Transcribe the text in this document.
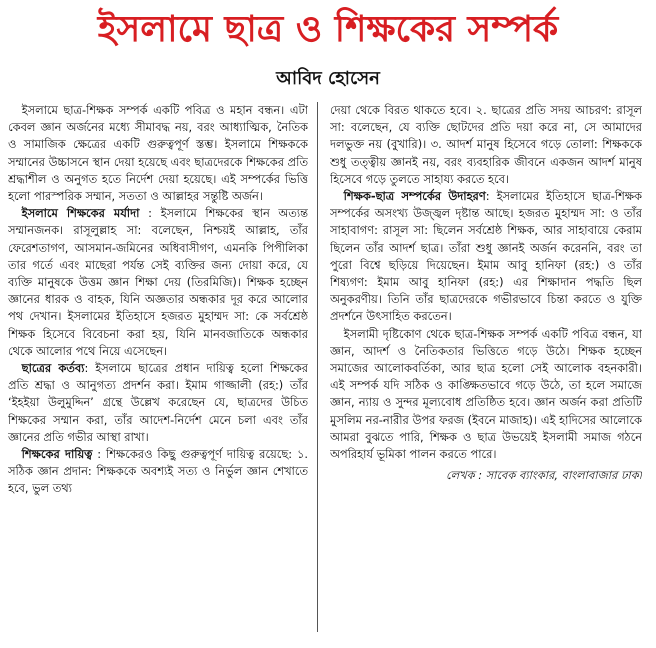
ইসলামে ছাত্র ও শিক্ষকের সম্পর্ক
আবিদ হোসেন

ইসলামে ছাত্র-শিক্ষক সম্পর্ক একটি পবিত্র ও মহান বন্ধন। এটা কেবল জ্ঞান অর্জনের মধ্যে সীমাবদ্ধ নয়, বরং আধ্যাত্মিক, নৈতিক ও সামাজিক ক্ষেত্রের একটি গুরুত্বপূর্ণ স্তম্ভ। ইসলামে শিক্ষককে সম্মানের উচ্চাসনে স্থান দেয়া হয়েছে এবং ছাত্রদেরকে শিক্ষকের প্রতি শ্রদ্ধাশীল ও অনুগত হতে নির্দেশ দেয়া হয়েছে। এই সম্পর্কের ভিত্তি হলো পারস্পরিক সম্মান, সততা ও আল্লাহর সন্তুষ্টি অর্জন।

ইসলামে শিক্ষকের মর্যাদা : ইসলামে শিক্ষকের স্থান অত্যন্ত সম্মানজনক। রাসূলুল্লাহ সা: বলেছেন, নিশ্চয়ই আল্লাহ, তাঁর ফেরেশতাগণ, আসমান-জমিনের অধিবাসীগণ, এমনকি পিপীলিকা তার গর্তে এবং মাছেরা পর্যন্ত সেই ব্যক্তির জন্য দোয়া করে, যে ব্যক্তি মানুষকে উত্তম জ্ঞান শিক্ষা দেয় (তিরমিজি)। শিক্ষক হচ্ছেন জ্ঞানের ধারক ও বাহক, যিনি অজ্ঞতার অন্ধকার দূর করে আলোর পথ দেখান। ইসলামের ইতিহাসে হজরত মুহাম্মদ সা: কে সর্বশ্রেষ্ঠ শিক্ষক হিসেবে বিবেচনা করা হয়, যিনি মানবজাতিকে অন্ধকার থেকে আলোর পথে নিয়ে এসেছেন।

ছাত্রের কর্তব্য: ইসলামে ছাত্রের প্রধান দায়িত্ব হলো শিক্ষকের প্রতি শ্রদ্ধা ও আনুগত্য প্রদর্শন করা। ইমাম গাজ্জালী (রহ:) তাঁর ‘ইহইয়া উলুমুদ্দিন’ গ্রন্থে উল্লেখ করেছেন যে, ছাত্রদের উচিত শিক্ষকের সম্মান করা, তাঁর আদেশ-নির্দেশ মেনে চলা এবং তাঁর জ্ঞানের প্রতি গভীর আস্থা রাখা।

শিক্ষকের দায়িত্ব : শিক্ষকেরও কিছু গুরুত্বপূর্ণ দায়িত্ব রয়েছে: ১. সঠিক জ্ঞান প্রদান: শিক্ষককে অবশ্যই সত্য ও নির্ভুল জ্ঞান শেখাতে হবে, ভুল তথ্য

দেয়া থেকে বিরত থাকতে হবে। ২. ছাত্রের প্রতি সদয় আচরণ: রাসূল সা: বলেছেন, যে ব্যক্তি ছোটদের প্রতি দয়া করে না, সে আমাদের দলভুক্ত নয় (বুখারি)। ৩. আদর্শ মানুষ হিসেবে গড়ে তোলা: শিক্ষককে শুধু তত্ত্বীয় জ্ঞানই নয়, বরং ব্যবহারিক জীবনে একজন আদর্শ মানুষ হিসেবে গড়ে তুলতে সাহায্য করতে হবে।

শিক্ষক-ছাত্র সম্পর্কের উদাহরণ: ইসলামের ইতিহাসে ছাত্র-শিক্ষক সম্পর্কের অসংখ্য উজ্জ্বল দৃষ্টান্ত আছে। হজরত মুহাম্মদ সা: ও তাঁর সাহাবাগণ: রাসূল সা: ছিলেন সর্বশ্রেষ্ঠ শিক্ষক, আর সাহাবায়ে কেরাম ছিলেন তাঁর আদর্শ ছাত্র। তাঁরা শুধু জ্ঞানই অর্জন করেননি, বরং তা পুরো বিশ্বে ছড়িয়ে দিয়েছেন। ইমাম আবু হানিফা (রহ:) ও তাঁর শিষ্যগণ: ইমাম আবু হানিফা (রহ:) এর শিক্ষাদান পদ্ধতি ছিল অনুকরণীয়। তিনি তাঁর ছাত্রদেরকে গভীরভাবে চিন্তা করতে ও যুক্তি প্রদর্শনে উৎসাহিত করতেন।

ইসলামী দৃষ্টিকোণ থেকে ছাত্র-শিক্ষক সম্পর্ক একটি পবিত্র বন্ধন, যা জ্ঞান, আদর্শ ও নৈতিকতার ভিত্তিতে গড়ে উঠে। শিক্ষক হচ্ছেন সমাজের আলোকবর্তিকা, আর ছাত্র হলো সেই আলোক বহনকারী। এই সম্পর্ক যদি সঠিক ও কাঙ্ক্ষিতভাবে গড়ে উঠে, তা হলে সমাজে জ্ঞান, ন্যায় ও সুন্দর মূল্যবোধ প্রতিষ্ঠিত হবে। জ্ঞান অর্জন করা প্রতিটি মুসলিম নর-নারীর উপর ফরজ (ইবনে মাজাহ)। এই হাদিসের আলোকে আমরা বুঝতে পারি, শিক্ষক ও ছাত্র উভয়েই ইসলামী সমাজ গঠনে অপরিহার্য ভূমিকা পালন করতে পারে।

লেখক : সাবেক ব্যাংকার, বাংলাবাজার ঢাকা
